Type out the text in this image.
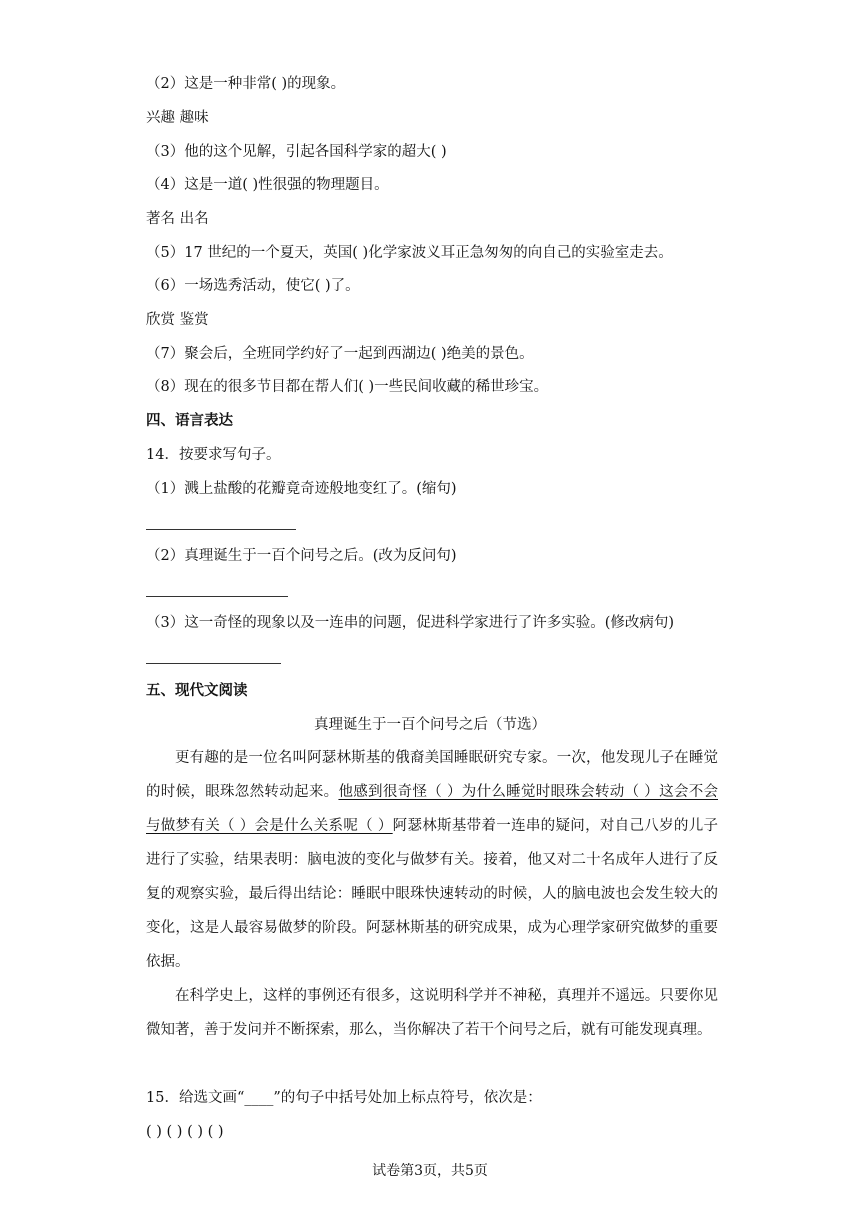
（2）这是一种非常( )的现象。
兴趣 趣味
（3）他的这个见解，引起各国科学家的超大( )
（4）这是一道( )性很强的物理题目。
著名 出名
（5）17 世纪的一个夏天，英国( )化学家波义耳正急匆匆的向自己的实验室走去。
（6）一场选秀活动，使它( )了。
欣赏 鉴赏
（7）聚会后，全班同学约好了一起到西湖边( )绝美的景色。
（8）现在的很多节目都在帮人们( )一些民间收藏的稀世珍宝。
四、语言表达
14．按要求写句子。
（1）溅上盐酸的花瓣竟奇迹般地变红了。(缩句)
（2）真理诞生于一百个问号之后。(改为反问句)
（3）这一奇怪的现象以及一连串的问题，促进科学家进行了许多实验。(修改病句)
五、现代文阅读
真理诞生于一百个问号之后（节选）
更有趣的是一位名叫阿瑟林斯基的俄裔美国睡眠研究专家。一次，他发现儿子在睡觉的时候，眼珠忽然转动起来。他感到很奇怪（ ）为什么睡觉时眼珠会转动（ ）这会不会与做梦有关（ ）会是什么关系呢（ ）阿瑟林斯基带着一连串的疑问，对自己八岁的儿子进行了实验，结果表明：脑电波的变化与做梦有关。接着，他又对二十名成年人进行了反复的观察实验，最后得出结论：睡眠中眼珠快速转动的时候，人的脑电波也会发生较大的变化，这是人最容易做梦的阶段。阿瑟林斯基的研究成果，成为心理学家研究做梦的重要依据。
在科学史上，这样的事例还有很多，这说明科学并不神秘，真理并不遥远。只要你见微知著，善于发问并不断探索，那么，当你解决了若干个问号之后，就有可能发现真理。
15．给选文画“____”的句子中括号处加上标点符号，依次是：
( ) ( ) ( ) ( )
试卷第3页，共5页
